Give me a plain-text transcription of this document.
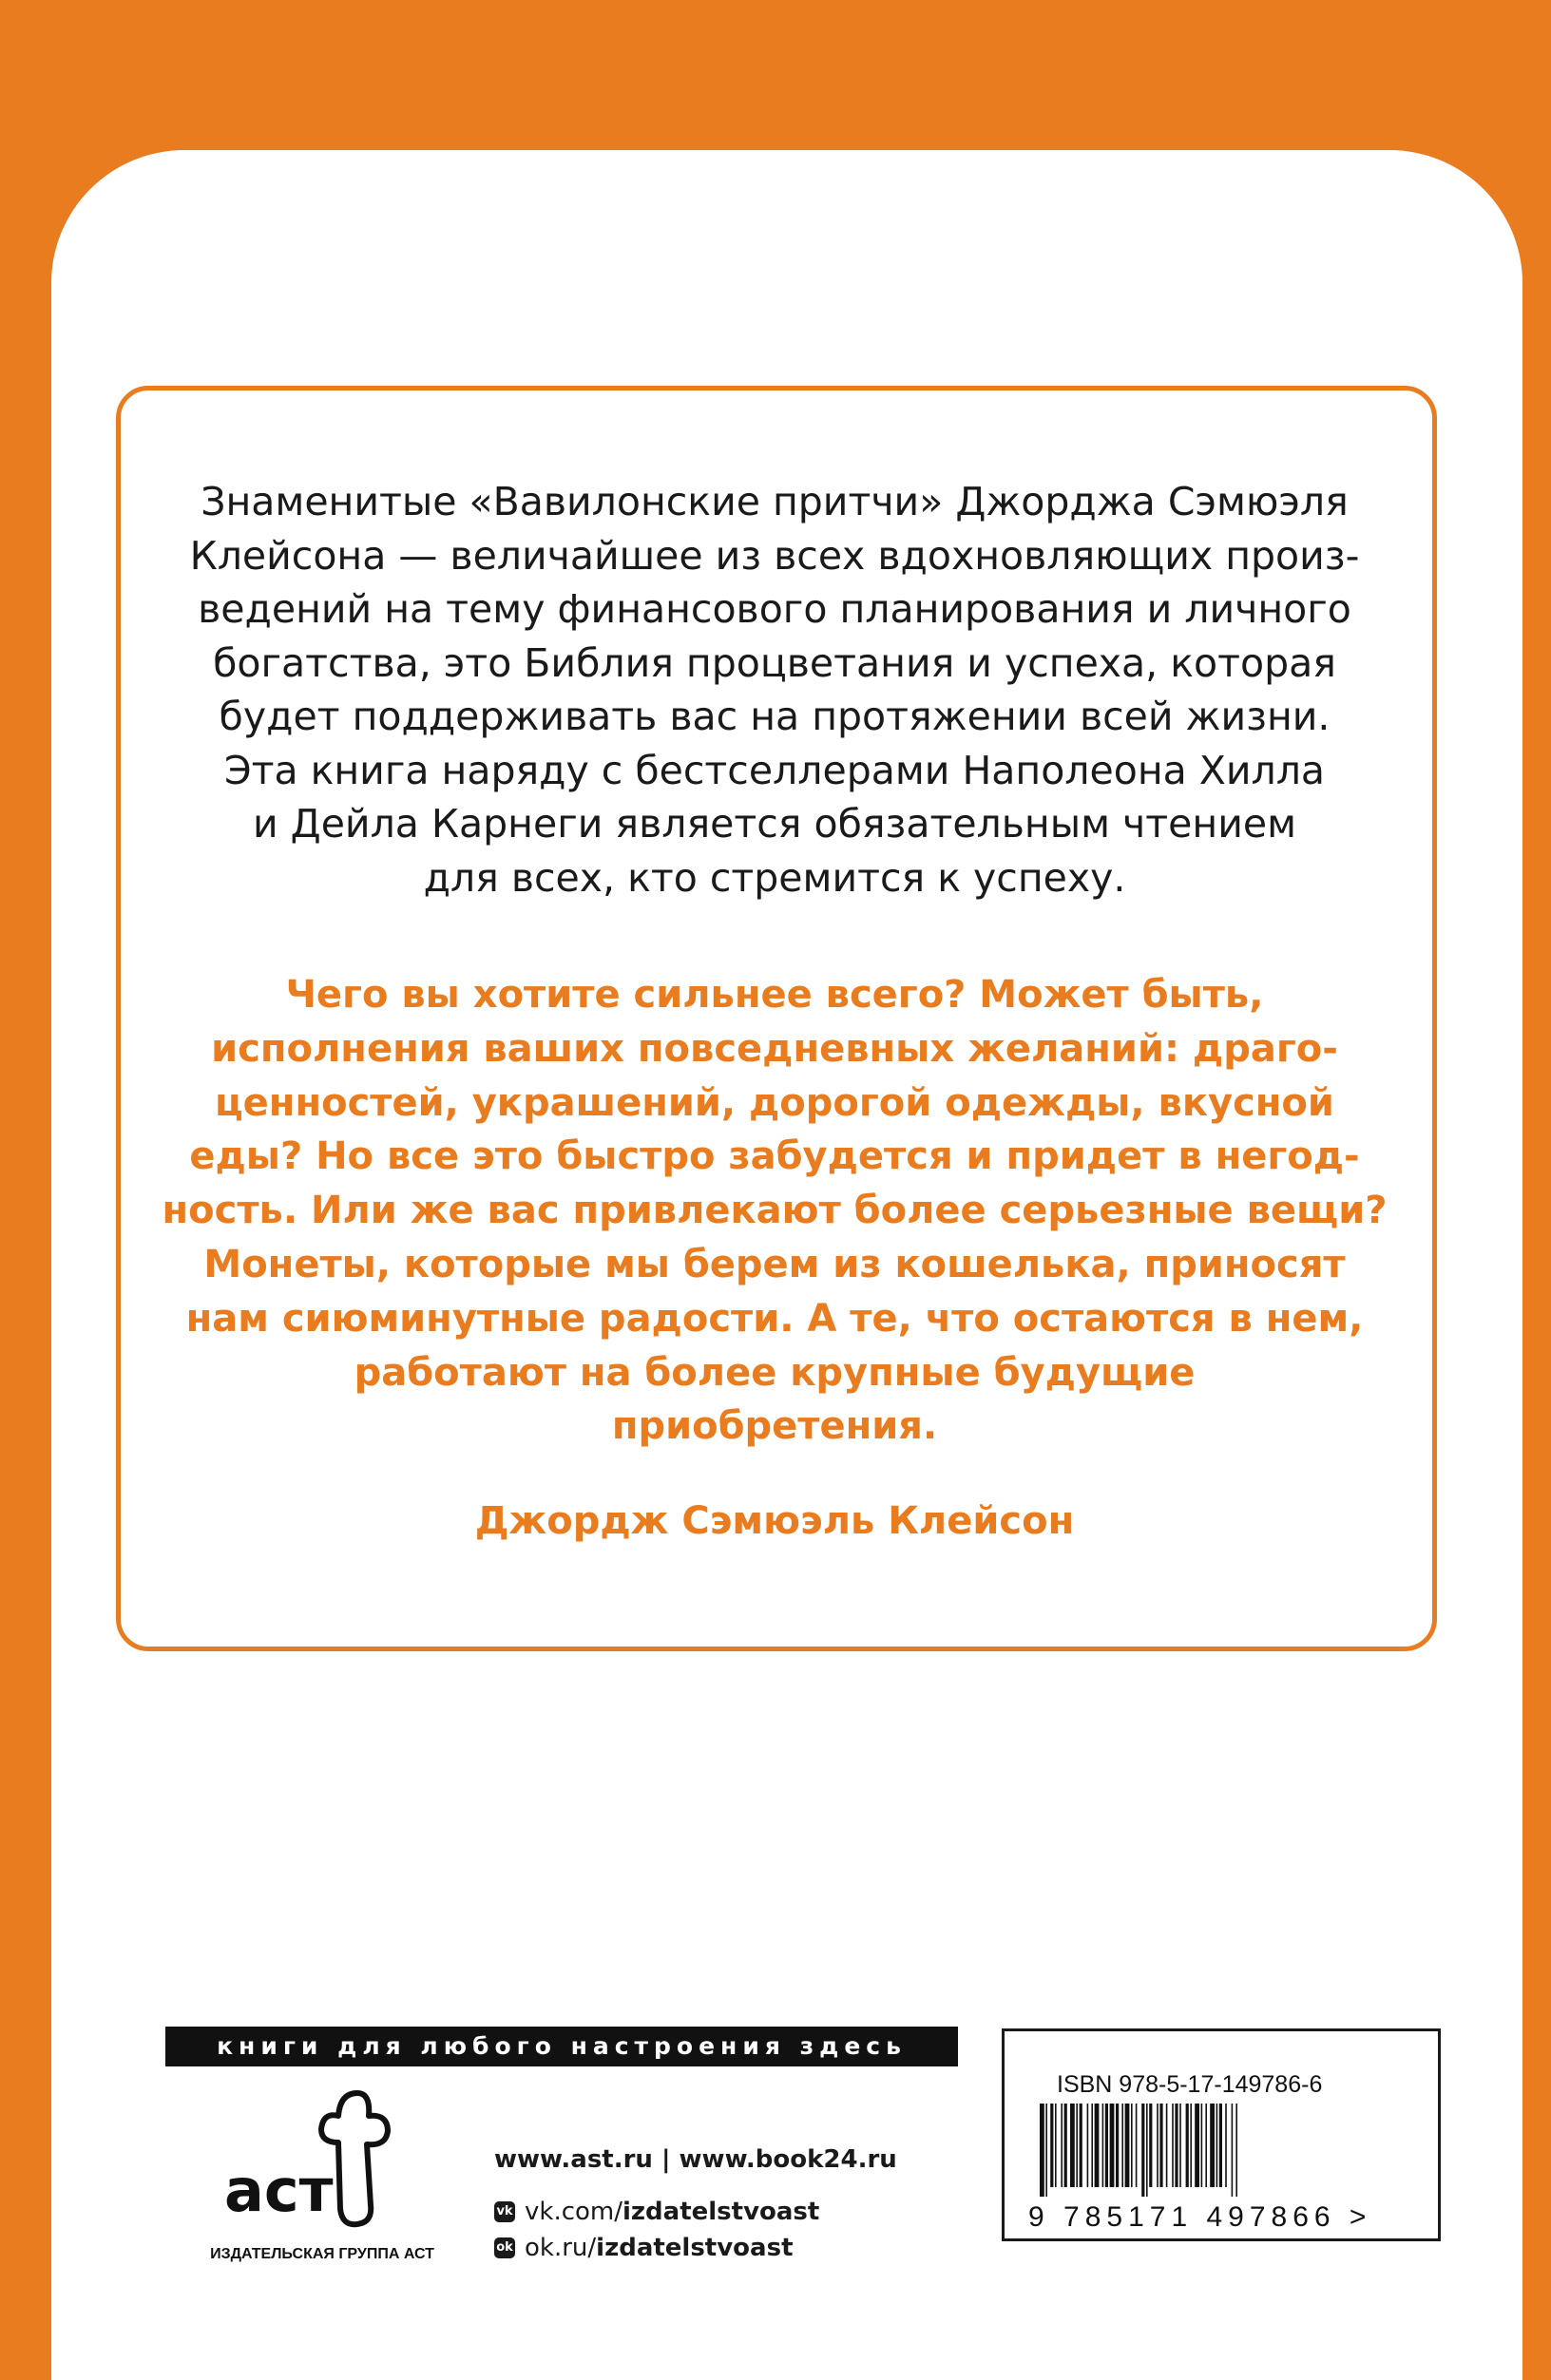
Знаменитые «Вавилонские притчи» Джорджа Сэмюэля
Клейсона — величайшее из всех вдохновляющих произ-
ведений на тему финансового планирования и личного
богатства, это Библия процветания и успеха, которая
будет поддерживать вас на протяжении всей жизни.
Эта книга наряду с бестселлерами Наполеона Хилла
и Дейла Карнеги является обязательным чтением
для всех, кто стремится к успеху.
Чего вы хотите сильнее всего? Может быть,
исполнения ваших повседневных желаний: драго-
ценностей, украшений, дорогой одежды, вкусной
еды? Но все это быстро забудется и придет в негод-
ность. Или же вас привлекают более серьезные вещи?
Монеты, которые мы берем из кошелька, приносят
нам сиюминутные радости. А те, что остаются в нем,
работают на более крупные будущие
приобретения.
Джордж Сэмюэль Клейсон
книги для любого настроения здесь
аст
ИЗДАТЕЛЬСКАЯ ГРУППА АСТ
www.ast.ru | www.book24.ru
vk vk.com/ izdatelstvoast
ok ok.ru/ izdatelstvoast
ISBN 978-5-17-149786-6
9 785171 497866 >
